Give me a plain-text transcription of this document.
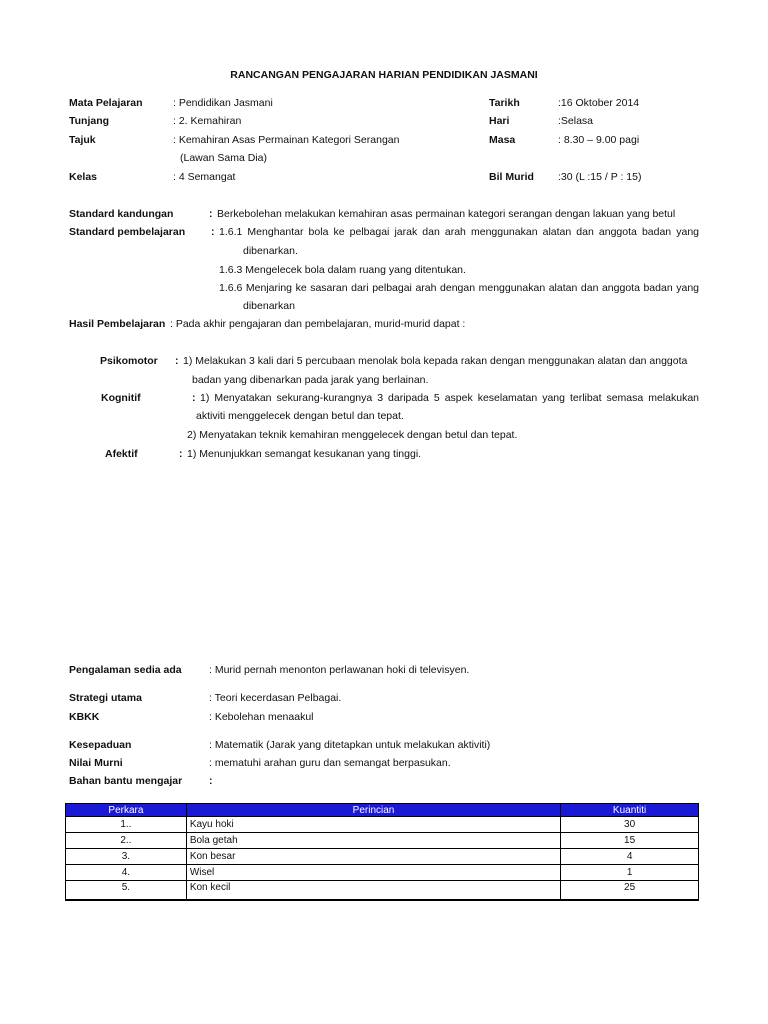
RANCANGAN PENGAJARAN HARIAN PENDIDIKAN JASMANI
Mata Pelajaran	: Pendidikan Jasmani
Tunjang	: 2. Kemahiran
Tajuk	: Kemahiran Asas Permainan Kategori Serangan
(Lawan Sama Dia)
Kelas	: 4 Semangat
Tarikh	:16 Oktober 2014
Hari	:Selasa
Masa	: 8.30 – 9.00 pagi
Bil Murid :30 (L :15 / P : 15)
Standard kandungan	: Berkebolehan melakukan kemahiran asas permainan kategori serangan dengan lakuan yang betul
Standard pembelajaran : 1.6.1 Menghantar bola ke pelbagai jarak dan arah menggunakan alatan dan anggota badan yang
dibenarkan.
1.6.3 Mengelecek bola dalam ruang yang ditentukan.
1.6.6 Menjaring ke sasaran dari pelbagai arah dengan menggunakan alatan dan anggota badan yang
dibenarkan
Hasil Pembelajaran : Pada akhir pengajaran dan pembelajaran, murid-murid dapat :
Psikomotor : 1) Melakukan 3 kali dari 5 percubaan menolak bola kepada rakan dengan menggunakan alatan dan anggota
badan yang dibenarkan pada jarak yang berlainan.
Kognitif	: 1) Menyatakan sekurang-kurangnya 3 daripada 5 aspek keselamatan yang terlibat semasa melakukan
aktiviti menggelecek dengan betul dan tepat.
2) Menyatakan teknik kemahiran menggelecek dengan betul dan tepat.
Afektif	: 1) Menunjukkan semangat kesukanan yang tinggi.
Pengalaman sedia ada	: Murid pernah menonton perlawanan hoki di televisyen.
Strategi utama	: Teori kecerdasan Pelbagai.
KBKK	: Kebolehan menaakul
Kesepaduan	: Matematik (Jarak yang ditetapkan untuk melakukan aktiviti)
Nilai Murni	: mematuhi arahan guru dan semangat berpasukan.
Bahan bantu mengajar	:
Perkara	Perincian	Kuantiti
1..	Kayu hoki	30
2..	Bola getah	15
3.	Kon besar	4
4.	Wisel	1
5.	Kon kecil	25
